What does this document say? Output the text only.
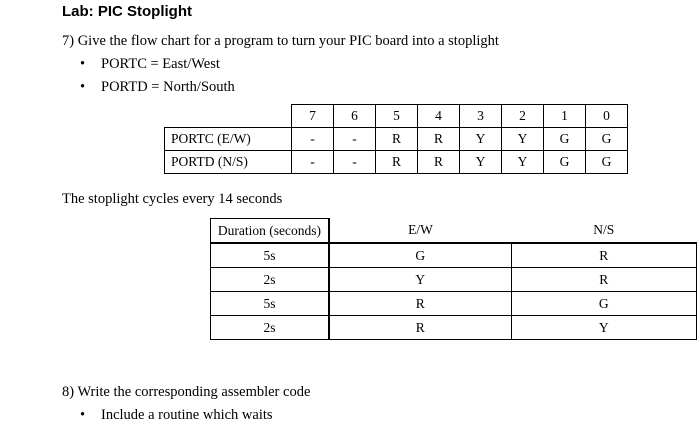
Lab: PIC Stoplight
7) Give the flow chart for a program to turn your PIC board into a stoplight
• PORTC = East/West
• PORTD = North/South
	7	6	5	4	3	2	1	0
PORTC (E/W)	-	-	R	R	Y	Y	G	G
PORTD (N/S)	-	-	R	R	Y	Y	G	G
The stoplight cycles every 14 seconds
Duration (seconds)	E/W	N/S
5s	G	R
2s	Y	R
5s	R	G
2s	R	Y
8) Write the corresponding assembler code
• Include a routine which waits
